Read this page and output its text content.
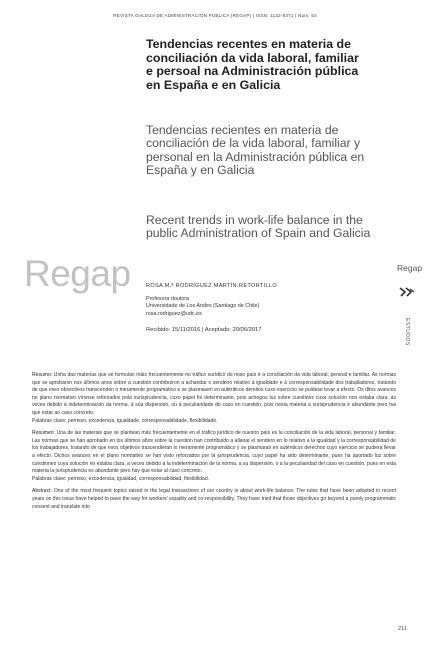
REVISTA GALEGA DE ADMINISTRACIÓN PÚBLICA (REGAP) | ISSN: 1132-8371 | Núm. 53
Tendencias recentes en materia de conciliación da vida laboral, familiar e persoal na Administración pública en España e en Galicia
Tendencias recientes en materia de conciliación de la vida laboral, familiar y personal en la Administración pública en España y en Galicia
Recent trends in work-life balance in the public Administration of Spain and Galicia
Regap	ROSA M.ª RODRÍGUEZ MARTÍN-RETORTILLO
Profesora doutora
Universidade de Los Andes (Santiago de Chile)
rosa.rodriguez@udc.es
Recibido: 15/11/2016 | Aceptado: 20/06/2017
Regap
ESTUDOS

Resumo: Unha das materias que se formulan máis frecuentemente no tráfico xurídico do noso país é a conciliación da vida laboral, persoal e familiar. As normas que se aprobaron nos últimos anos sobre a cuestión contribuíron a achandar o sendeiro relativo á igualdade e á corresponsabilidade dos traballadores, tratando de que eses obxectivos transcenden o meramente programático e se plasmasen en auténticos dereitos cuxo exercicio se puidese levar a efecto. Os ditos avances no plano normativo víronse reforzados pola xurisprudencia, cuxo papel foi determinante, pois achegou luz sobre cuestións cuxa solución non estaba clara, ás veces debido á indeterminación da norma, á súa dispersión, ou á peculiaridade do caso en cuestión, pois nesta materia a xurisprudencia é abundante pero hai que estar ao caso concreto.

Palabras clave: permiso, excedencia, igualdade, corresponsabilidade, flexibilidade.

Resumen: Una de las materias que se plantean más frecuentemente en el tráfico jurídico de nuestro país es la conciliación de la vida laboral, personal y familiar. Las normas que se han aprobado en los últimos años sobre la cuestión han contribuido a allanar el sendero en lo relativo a la igualdad y la corresponsabilidad de los trabajadores, tratando de que esos objetivos trascendieran lo meramente programático y se plasmaran en auténticos derechos cuyo ejercicio se pudiera llevar a efecto. Dichos avances en el plano normativo se han visto reforzados por la jurisprudencia, cuyo papel ha sido determinante, pues ha aportado luz sobre cuestiones cuya solución no estaba clara, a veces debido a la indeterminación de la norma, a su dispersión, o a la peculiaridad del caso en cuestión, pues en esta materia la jurisprudencia es abundante pero hay que estar al caso concreto.

Palabras clave: permiso, excedencia, igualdad, corresponsabilidad, flexibilidad.

Abstract: One of the most frequent topics raised in the legal transactions of our country is about work-life balance. The rules that have been adopted in recent years on this issue have helped to pave the way for workers' equality and co-responsibility. They have tried that those objectives go beyond a purely programmatic consent and translate into

211
